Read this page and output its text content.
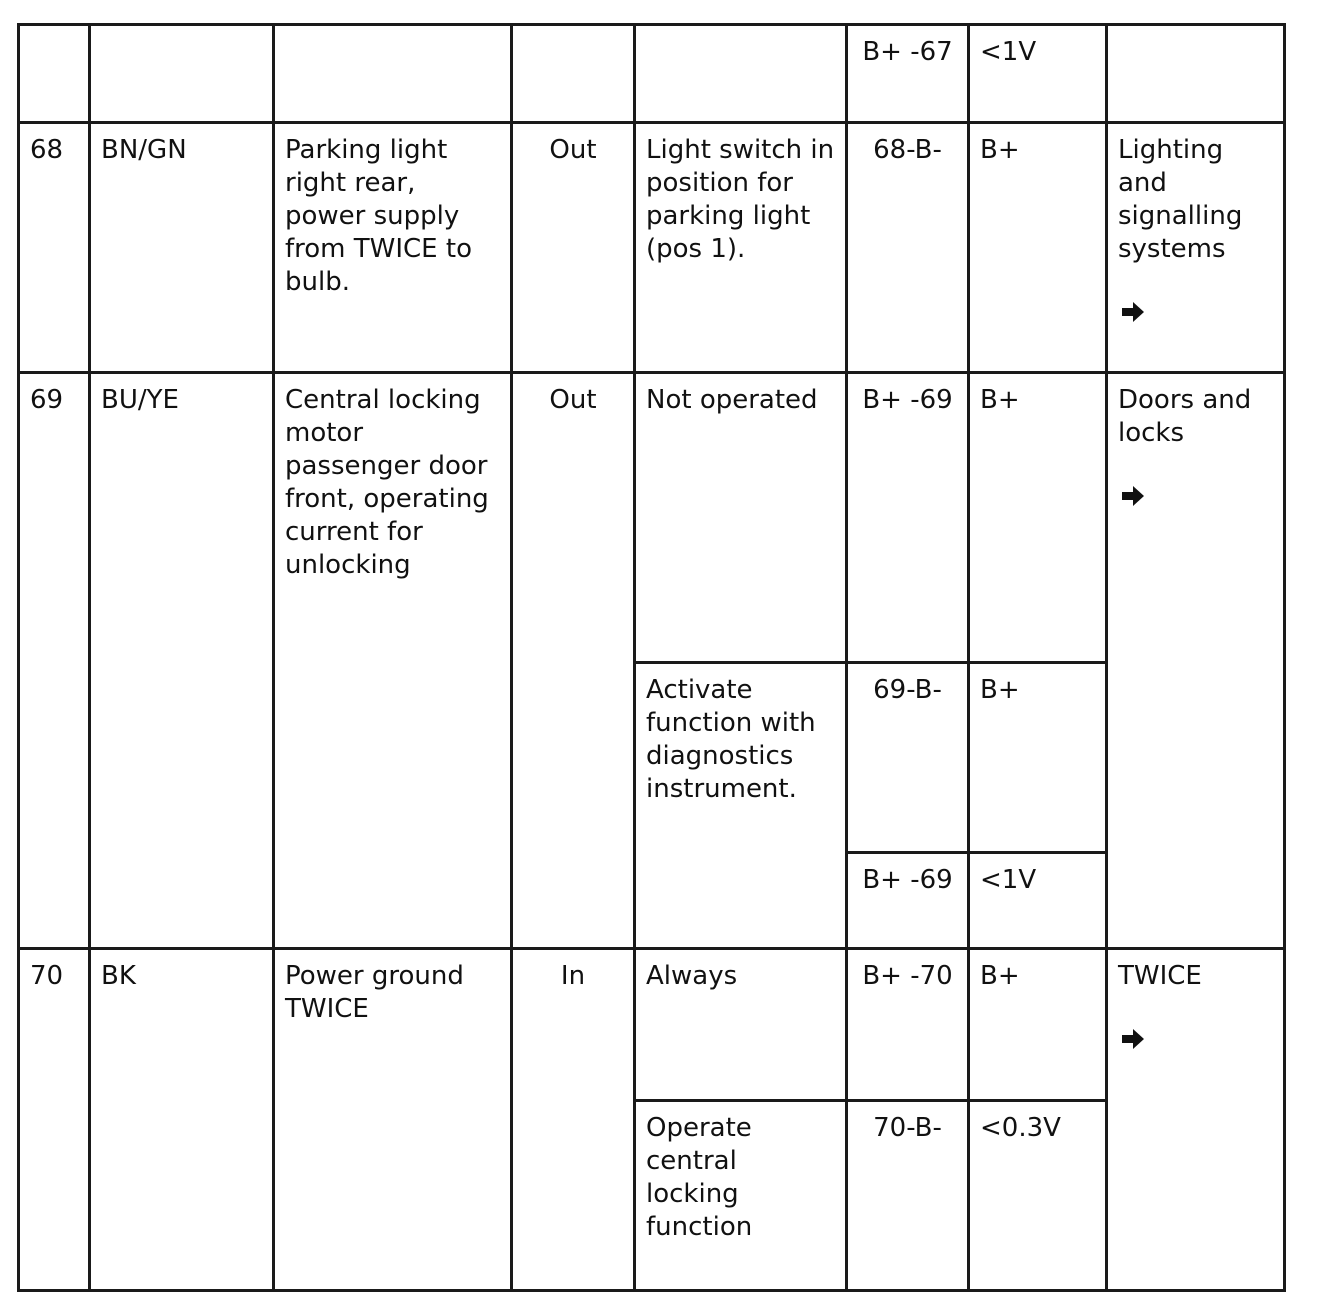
					B+ -67	<1V	
68	BN/GN	Parking light right rear, power supply from TWICE to bulb.	Out	Light switch in position for parking light (pos 1).	68-B-	B+	Lighting and signalling systems

69	BU/YE	Central locking motor passenger door front, operating current for unlocking	Out	Not operated	B+ -69	B+	Doors and locks

				Activate function with diagnostics instrument.	69-B-	B+	
					B+ -69	<1V	
70	BK	Power ground TWICE	In	Always	B+ -70	B+	TWICE

				Operate central locking function	70-B-	<0.3V	
